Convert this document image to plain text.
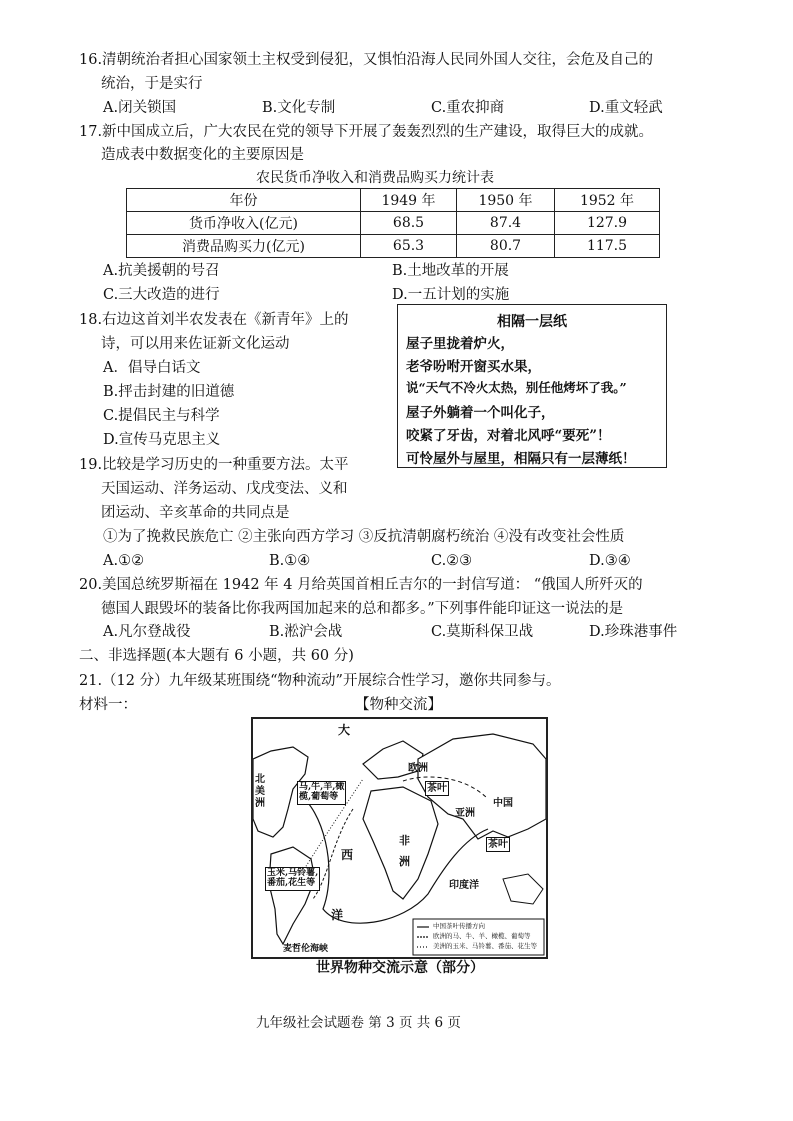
16.清朝统治者担心国家领土主权受到侵犯，又惧怕沿海人民同外国人交往，会危及自己的
统治，于是实行
A.闭关锁国	B.文化专制	C.重农抑商	D.重文轻武
17.新中国成立后，广大农民在党的领导下开展了轰轰烈烈的生产建设，取得巨大的成就。
造成表中数据变化的主要原因是
农民货币净收入和消费品购买力统计表
年份	1949 年	1950 年	1952 年
货币净收入(亿元)	68.5	87.4	127.9
消费品购买力(亿元)	65.3	80.7	117.5
A.抗美援朝的号召	B.土地改革的开展
C.三大改造的进行	D.一五计划的实施
18.右边这首刘半农发表在《新青年》上的
诗，可以用来佐证新文化运动
A．倡导白话文
B.抨击封建的旧道德
C.提倡民主与科学
D.宣传马克思主义
相隔一层纸
屋子里拢着炉火，
老爷吩咐开窗买水果，
说“天气不冷火太热，别任他烤坏了我。”
屋子外躺着一个叫化子，
咬紧了牙齿，对着北风呼“要死”！
可怜屋外与屋里，相隔只有一层薄纸！
19.比较是学习历史的一种重要方法。太平
天国运动、洋务运动、戊戌变法、义和
团运动、辛亥革命的共同点是
①为了挽救民族危亡 ②主张向西方学习 ③反抗清朝腐朽统治 ④没有改变社会性质
A.①②	B.①④	C.②③	D.③④
20.美国总统罗斯福在 1942 年 4 月给英国首相丘吉尔的一封信写道： “俄国人所歼灭的
德国人跟毁坏的装备比你我两国加起来的总和都多。”下列事件能印证这一说法的是
A.凡尔登战役	B.淞沪会战	C.莫斯科保卫战	D.珍珠港事件
二、非选择题(本大题有 6 小题，共 60 分)
21.（12 分）九年级某班围绕“物种流动”开展综合性学习，邀你共同参与。
材料一：	【物种交流】
北
美
洲
大
西
洋
欧洲
亚洲
中国
非
洲
印度洋
麦哲伦海峡
马,牛,羊,橄
榄,葡萄等
玉米,马铃薯,
番茄,花生等
茶叶
茶叶
中国茶叶传播方向
欧洲的马、牛、羊、橄榄、葡萄等
美洲的玉米、马铃薯、番茄、花生等
世界物种交流示意（部分）
九年级社会试题卷 第 3 页 共 6 页
